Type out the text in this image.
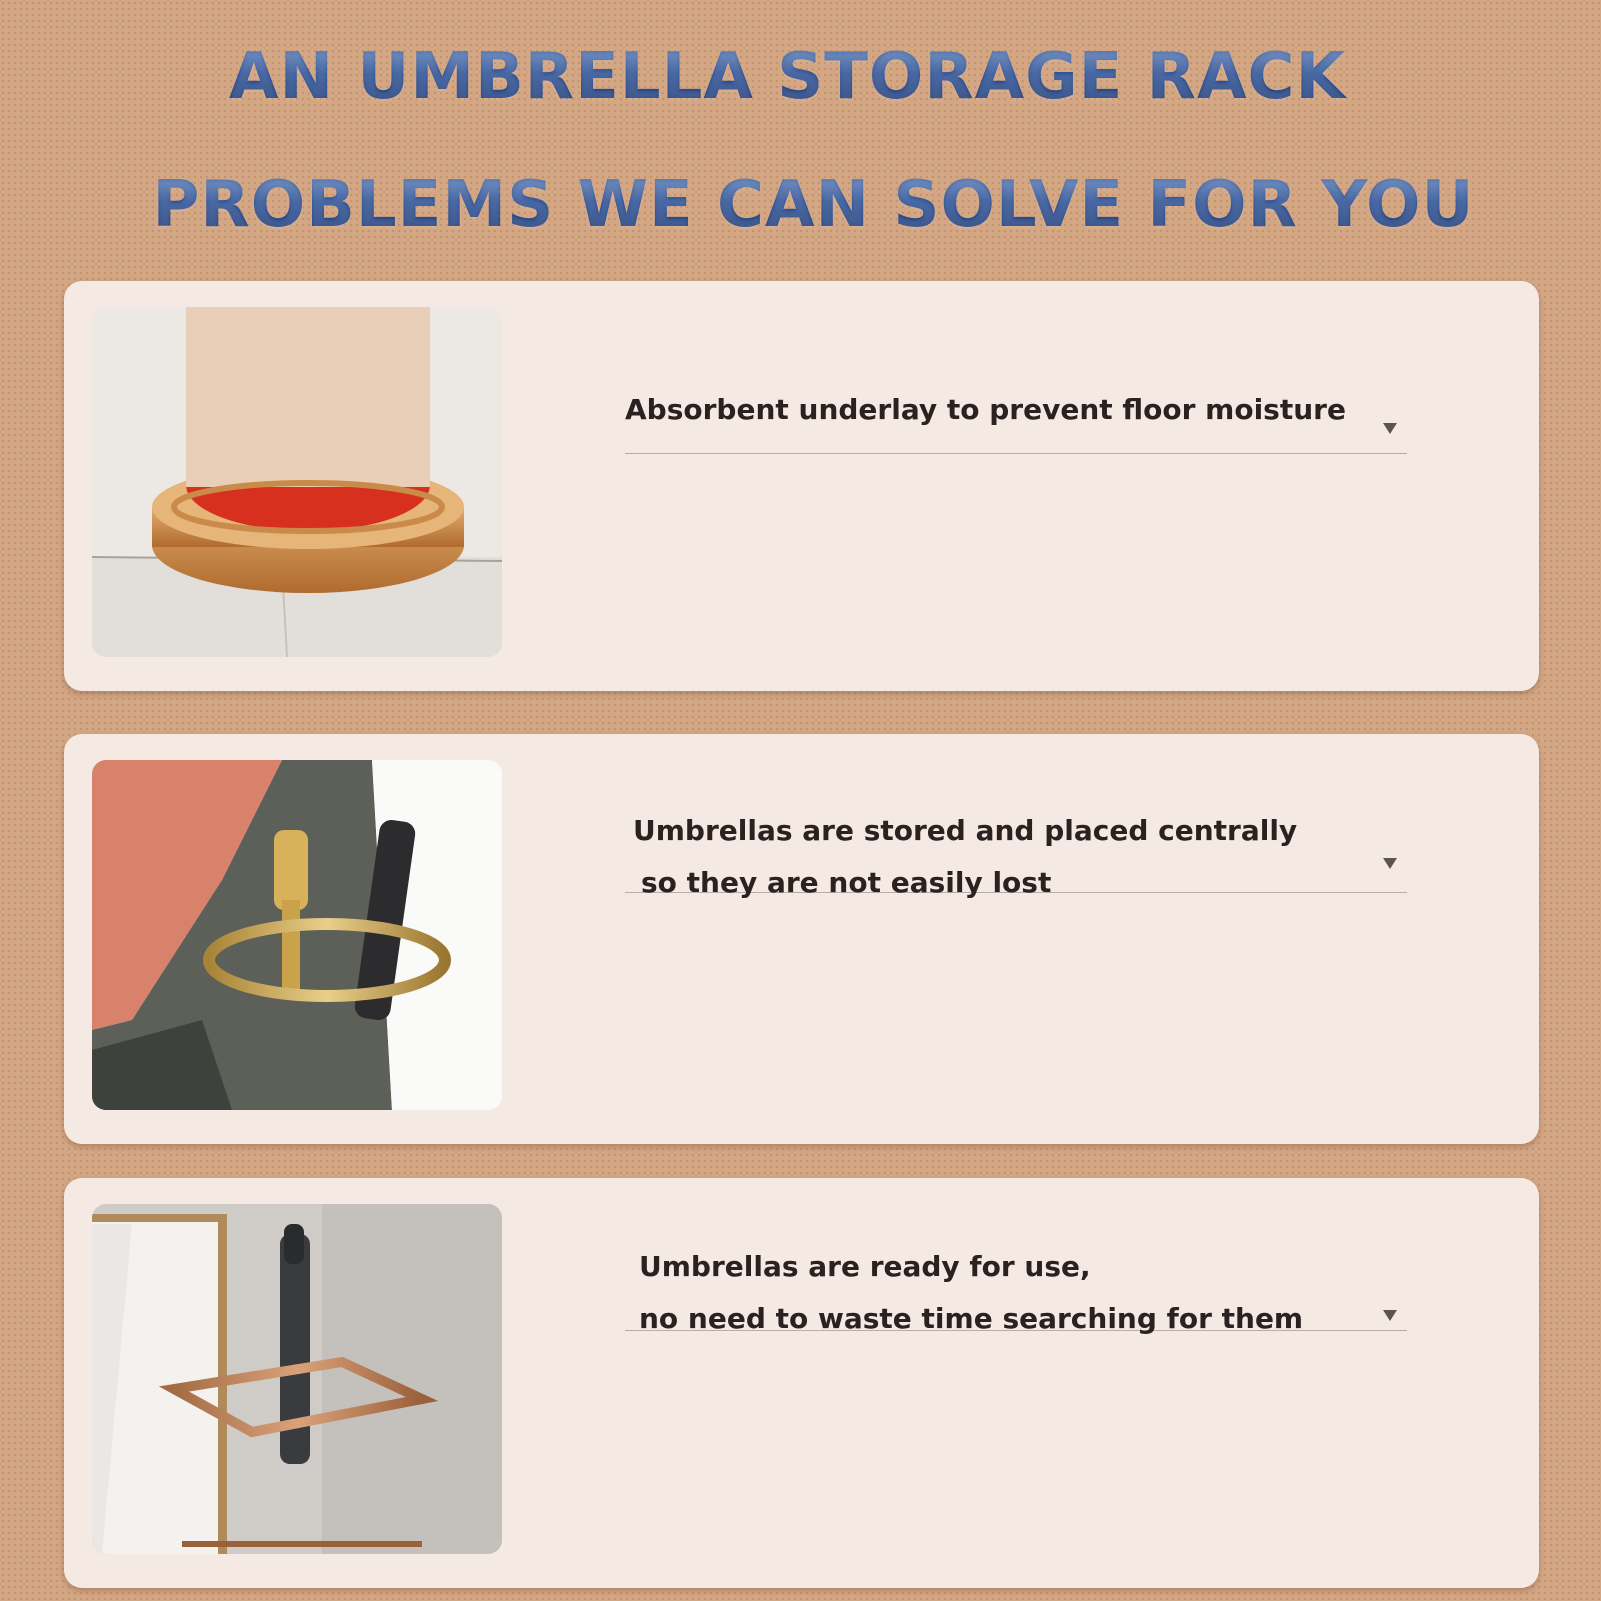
AN UMBRELLA STORAGE RACK
PROBLEMS WE CAN SOLVE FOR YOU
Absorbent underlay to prevent floor moisture
Umbrellas are stored and placed centrally
so they are not easily lost
Umbrellas are ready for use,
no need to waste time searching for them
